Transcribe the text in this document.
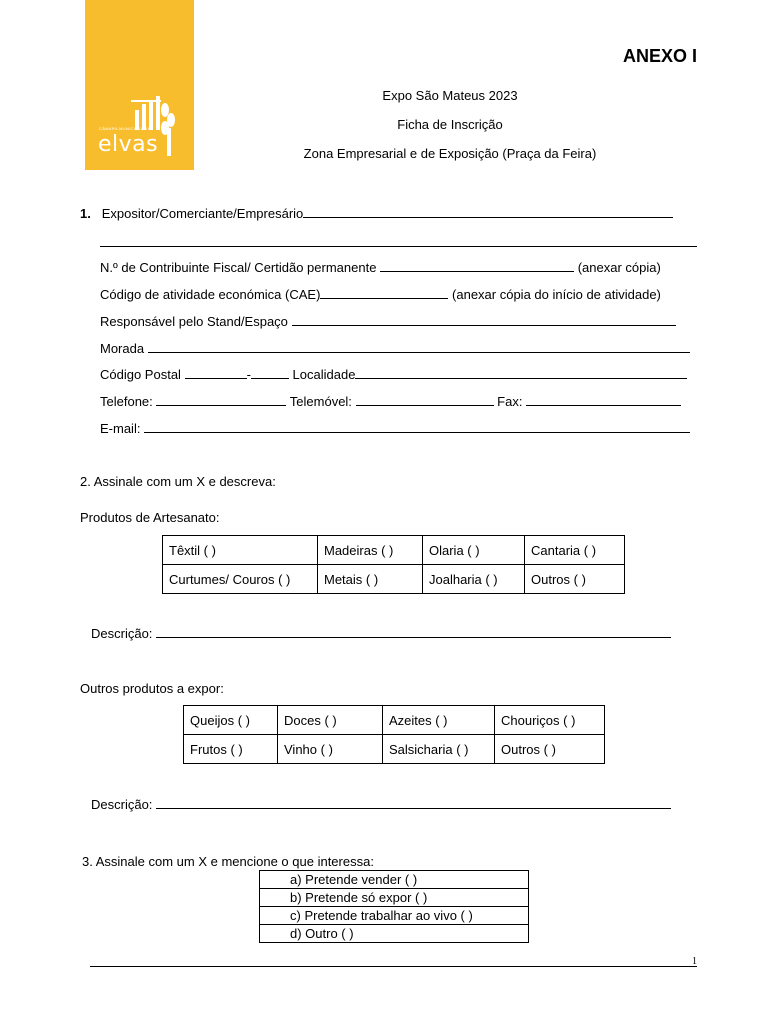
CÂMARA MUNICIPAL DE
elvas
ANEXO I
Expo São Mateus 2023
Ficha de Inscrição
Zona Empresarial e de Exposição (Praça da Feira)
1. Expositor/Comerciante/Empresário
N.º de Contribuinte Fiscal/ Certidão permanente	(anexar cópia)
Código de atividade económica (CAE)	(anexar cópia do início de atividade)
Responsável pelo Stand/Espaço
Morada
Código Postal	-	Localidade
Telefone:	Telemóvel:	Fax:
E-mail:
2. Assinale com um X e descreva:
Produtos de Artesanato:
Têxtil ( )	Madeiras ( )	Olaria ( )	Cantaria ( )
Curtumes/ Couros ( )	Metais ( )	Joalharia ( )	Outros ( )
Descrição:
Outros produtos a expor:
Queijos ( )	Doces ( )	Azeites ( )	Chouriços ( )
Frutos ( )	Vinho ( )	Salsicharia ( )	Outros ( )
Descrição:
3. Assinale com um X e mencione o que interessa:
a) Pretende vender ( )
b) Pretende só expor ( )
c) Pretende trabalhar ao vivo ( )
d) Outro ( )
1
